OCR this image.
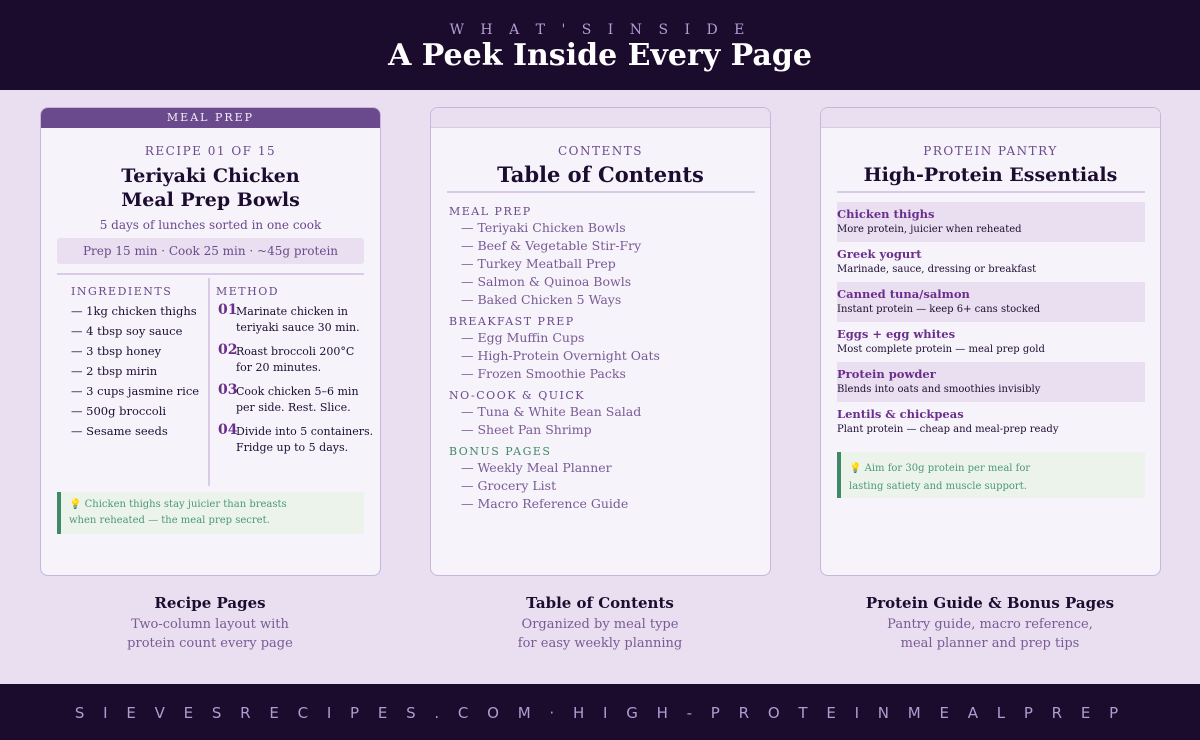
W H A T ' S I N S I D E
A Peek Inside Every Page
MEAL PREP
RECIPE 01 OF 15
Teriyaki Chicken
Meal Prep Bowls
5 days of lunches sorted in one cook
Prep 15 min · Cook 25 min · ~45g protein
INGREDIENTS	METHOD
— 1kg chicken thighs
— 4 tbsp soy sauce
— 3 tbsp honey
— 2 tbsp mirin
— 3 cups jasmine rice
— 500g broccoli
— Sesame seeds
01
Marinate chicken in
teriyaki sauce 30 min.
02
Roast broccoli 200°C
for 20 minutes.
03
Cook chicken 5–6 min
per side. Rest. Slice.
04
Divide into 5 containers.
Fridge up to 5 days.
💡 Chicken thighs stay juicier than breasts
when reheated — the meal prep secret.
CONTENTS
Table of Contents
MEAL PREP
— Teriyaki Chicken Bowls
— Beef & Vegetable Stir-Fry
— Turkey Meatball Prep
— Salmon & Quinoa Bowls
— Baked Chicken 5 Ways
BREAKFAST PREP
— Egg Muffin Cups
— High-Protein Overnight Oats
— Frozen Smoothie Packs
NO-COOK & QUICK
— Tuna & White Bean Salad
— Sheet Pan Shrimp
BONUS PAGES
— Weekly Meal Planner
— Grocery List
— Macro Reference Guide
PROTEIN PANTRY
High-Protein Essentials
Chicken thighs
More protein, juicier when reheated
Greek yogurt
Marinade, sauce, dressing or breakfast
Canned tuna/salmon
Instant protein — keep 6+ cans stocked
Eggs + egg whites
Most complete protein — meal prep gold
Protein powder
Blends into oats and smoothies invisibly
Lentils & chickpeas
Plant protein — cheap and meal-prep ready
💡 Aim for 30g protein per meal for
lasting satiety and muscle support.
Recipe Pages
Two-column layout with
protein count every page
Table of Contents
Organized by meal type
for easy weekly planning
Protein Guide & Bonus Pages
Pantry guide, macro reference,
meal planner and prep tips
S I E V E S R E C I P E S . C O M · H I G H - P R O T E I N M E A L P R E P
